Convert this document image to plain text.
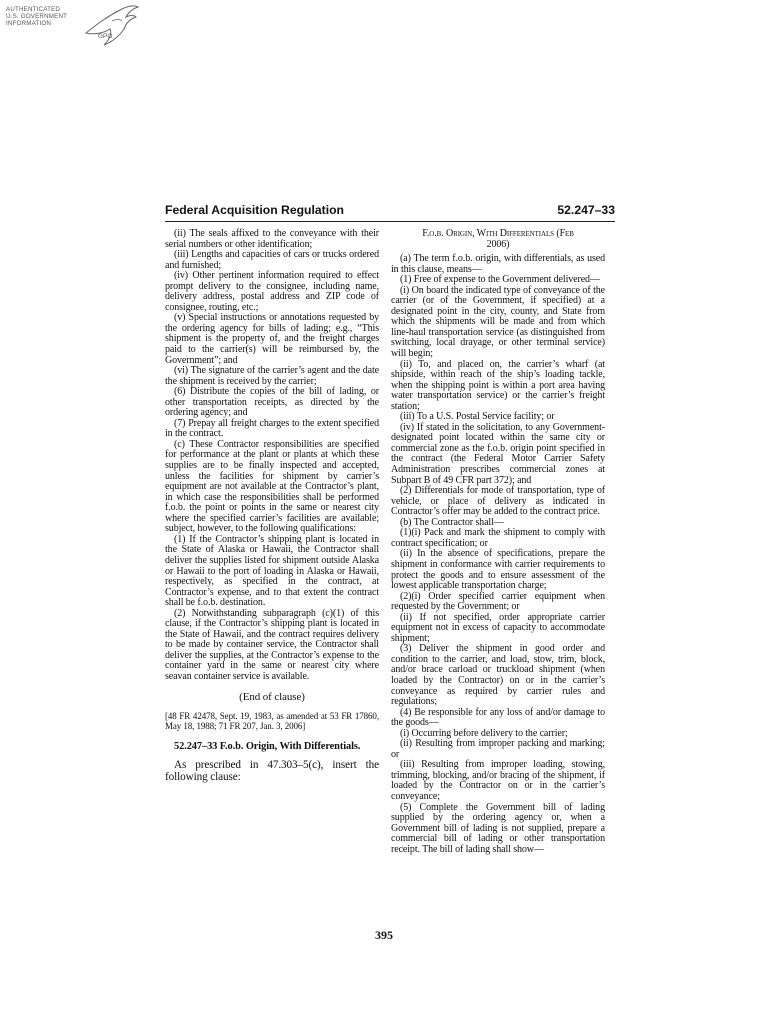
AUTHENTICATED
U.S. GOVERNMENT
INFORMATION
GPO
Federal Acquisition Regulation	52.247–33

(ii) The seals affixed to the conveyance with their serial numbers or other identification;

(iii) Lengths and capacities of cars or trucks ordered and furnished;

(iv) Other pertinent information required to effect prompt delivery to the consignee, including name, delivery address, postal address and ZIP code of consignee, routing, etc.;

(v) Special instructions or annotations requested by the ordering agency for bills of lading; e.g., “This shipment is the property of, and the freight charges paid to the carrier(s) will be reimbursed by, the Government”; and

(vi) The signature of the carrier’s agent and the date the shipment is received by the carrier;

(6) Distribute the copies of the bill of lading, or other transportation receipts, as directed by the ordering agency; and

(7) Prepay all freight charges to the extent specified in the contract.

(c) These Contractor responsibilities are specified for performance at the plant or plants at which these supplies are to be finally inspected and accepted, unless the facilities for shipment by carrier’s equipment are not available at the Contractor’s plant, in which case the responsibilities shall be performed f.o.b. the point or points in the same or nearest city where the specified carrier’s facilities are available; subject, however, to the following qualifications:

(1) If the Contractor’s shipping plant is located in the State of Alaska or Hawaii, the Contractor shall deliver the supplies listed for shipment outside Alaska or Hawaii to the port of loading in Alaska or Hawaii, respectively, as specified in the contract, at Contractor’s expense, and to that extent the contract shall be f.o.b. destination.

(2) Notwithstanding subparagraph (c)(1) of this clause, if the Contractor’s shipping plant is located in the State of Hawaii, and the contract requires delivery to be made by container service, the Contractor shall deliver the supplies, at the Contractor’s expense to the container yard in the same or nearest city where seavan container service is available.

(End of clause)

[48 FR 42478, Sept. 19, 1983, as amended at 53 FR 17860, May 18, 1988; 71 FR 207, Jan. 3, 2006]

52.247–33 F.o.b. Origin, With Differentials.

As prescribed in 47.303–5(c), insert the following clause:

F.o.b. Origin, With Differentials (Feb
2006)

(a) The term f.o.b. origin, with differentials, as used in this clause, means—

(1) Free of expense to the Government delivered—

(i) On board the indicated type of conveyance of the carrier (or of the Government, if specified) at a designated point in the city, county, and State from which the shipments will be made and from which line-haul transportation service (as distinguished from switching, local drayage, or other terminal service) will begin;

(ii) To, and placed on, the carrier’s wharf (at shipside, within reach of the ship’s loading tackle, when the shipping point is within a port area having water transportation service) or the carrier’s freight station;

(iii) To a U.S. Postal Service facility; or

(iv) If stated in the solicitation, to any Government-designated point located within the same city or commercial zone as the f.o.b. origin point specified in the contract (the Federal Motor Carrier Safety Administration prescribes commercial zones at Subpart B of 49 CFR part 372); and

(2) Differentials for mode of transportation, type of vehicle, or place of delivery as indicated in Contractor’s offer may be added to the contract price.

(b) The Contractor shall—

(1)(i) Pack and mark the shipment to comply with contract specification; or

(ii) In the absence of specifications, prepare the shipment in conformance with carrier requirements to protect the goods and to ensure assessment of the lowest applicable transportation charge;

(2)(i) Order specified carrier equipment when requested by the Government; or

(ii) If not specified, order appropriate carrier equipment not in excess of capacity to accommodate shipment;

(3) Deliver the shipment in good order and condition to the carrier, and load, stow, trim, block, and/or brace carload or truckload shipment (when loaded by the Contractor) on or in the carrier’s conveyance as required by carrier rules and regulations;

(4) Be responsible for any loss of and/or damage to the goods—

(i) Occurring before delivery to the carrier;

(ii) Resulting from improper packing and marking; or

(iii) Resulting from improper loading, stowing, trimming, blocking, and/or bracing of the shipment, if loaded by the Contractor on or in the carrier’s conveyance;

(5) Complete the Government bill of lading supplied by the ordering agency or, when a Government bill of lading is not supplied, prepare a commercial bill of lading or other transportation receipt. The bill of lading shall show—

395
